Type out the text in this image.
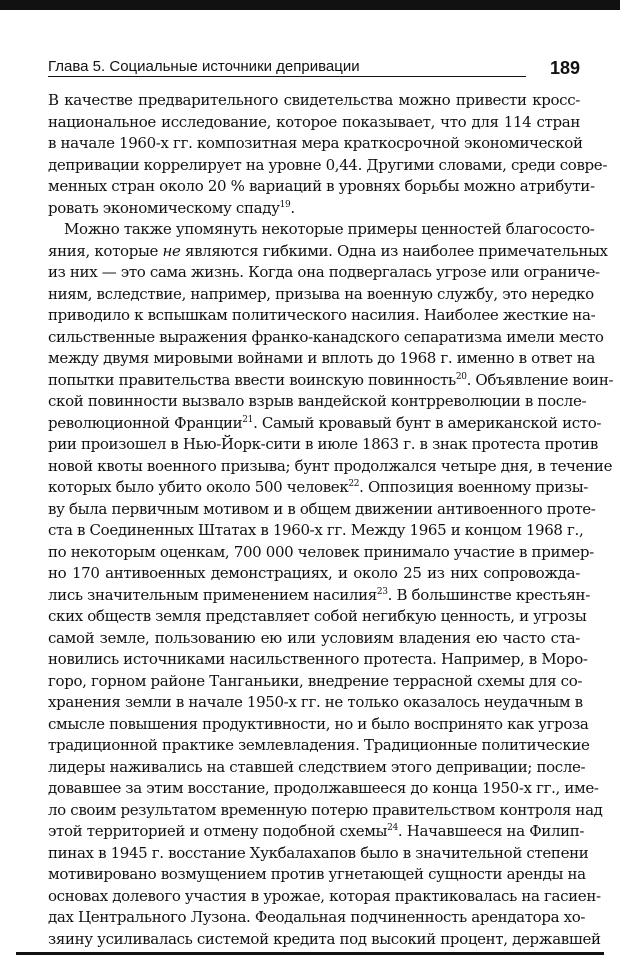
Глава 5. Социальные источники депривации	189
В качестве предварительного свидетельства можно привести кросс-
национальное исследование, которое показывает, что для 114 стран
в начале 1960-х гг. композитная мера краткосрочной экономической
депривации коррелирует на уровне 0,44. Другими словами, среди совре-
менных стран около 20 % вариаций в уровнях борьбы можно атрибути-
ровать экономическому спаду$^{19}$.
Можно также упомянуть некоторые примеры ценностей благососто-
яния, которые не являются гибкими. Одна из наиболее примечательных
из них — это сама жизнь. Когда она подвергалась угрозе или ограниче-
ниям, вследствие, например, призыва на военную службу, это нередко
приводило к вспышкам политического насилия. Наиболее жесткие на-
сильственные выражения франко-канадского сепаратизма имели место
между двумя мировыми войнами и вплоть до 1968 г. именно в ответ на
попытки правительства ввести воинскую повинность$^{20}$. Объявление воин-
ской повинности вызвало взрыв вандейской контрреволюции в после-
революционной Франции$^{21}$. Самый кровавый бунт в американской исто-
рии произошел в Нью-Йорк-сити в июле 1863 г. в знак протеста против
новой квоты военного призыва; бунт продолжался четыре дня, в течение
которых было убито около 500 человек$^{22}$. Оппозиция военному призы-
ву была первичным мотивом и в общем движении антивоенного проте-
ста в Соединенных Штатах в 1960-х гг. Между 1965 и концом 1968 г.,
по некоторым оценкам, 700 000 человек принимало участие в пример-
но 170 антивоенных демонстрациях, и около 25 из них сопровожда-
лись значительным применением насилия$^{23}$. В большинстве крестьян-
ских обществ земля представляет собой негибкую ценность, и угрозы
самой земле, пользованию ею или условиям владения ею часто ста-
новились источниками насильственного протеста. Например, в Моро-
горо, горном районе Танганьики, внедрение террасной схемы для со-
хранения земли в начале 1950-х гг. не только оказалось неудачным в
смысле повышения продуктивности, но и было воспринято как угроза
традиционной практике землевладения. Традиционные политические
лидеры наживались на ставшей следствием этого депривации; после-
довавшее за этим восстание, продолжавшееся до конца 1950-х гг., име-
ло своим результатом временную потерю правительством контроля над
этой территорией и отмену подобной схемы$^{24}$. Начавшееся на Филип-
пинах в 1945 г. восстание Хукбалахапов было в значительной степени
мотивировано возмущением против угнетающей сущности аренды на
основах долевого участия в урожае, которая практиковалась на гасиен-
дах Центрального Лузона. Феодальная подчиненность арендатора хо-
зяину усиливалась системой кредита под высокий процент, державшей
